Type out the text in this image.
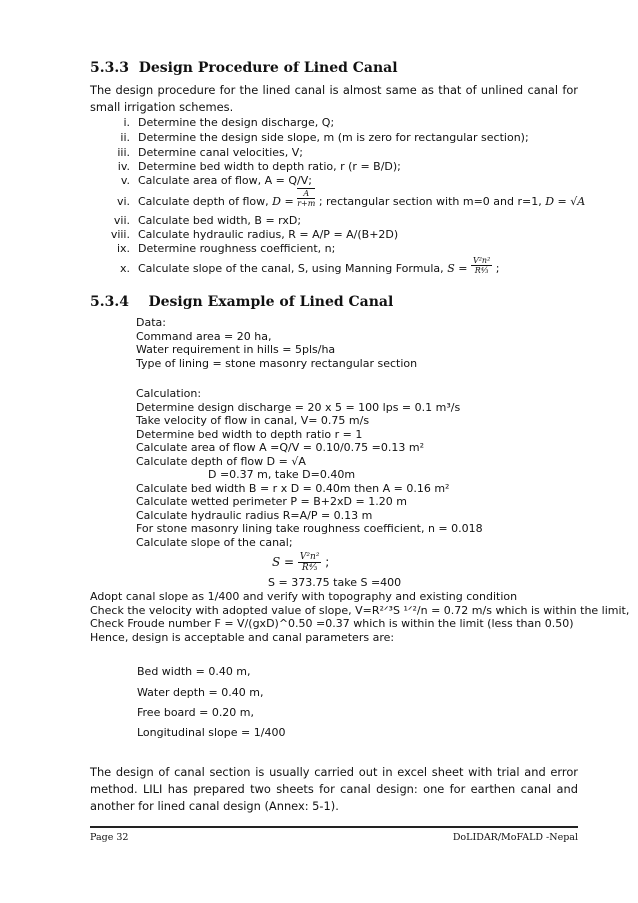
5.3.3 Design Procedure of Lined Canal
The design procedure for the lined canal is almost same as that of unlined canal for small irrigation schemes.
i. Determine the design discharge, Q;
ii. Determine the design side slope, m (m is zero for rectangular section);
iii. Determine canal velocities, V;
iv. Determine bed width to depth ratio, r (r = B/D);
v. Calculate area of flow, A = Q/V;
vi. Calculate depth of flow, $D = \frac{A}{r+m}$ ; rectangular section with m=0 and r=1, D = √A
vii. Calculate bed width, B = rxD;
viii. Calculate hydraulic radius, R = A/P = A/(B+2D)
ix. Determine roughness coefficient, n;
x. Calculate slope of the canal, S, using Manning Formula, $S = \frac{\text{V²n²}}{\text{R⁴⁄₃}}$ ;
5.3.4 Design Example of Lined Canal
Data:
Command area = 20 ha,
Water requirement in hills = 5pls/ha
Type of lining = stone masonry rectangular section
Calculation:
Determine design discharge = 20 x 5 = 100 lps = 0.1 m³/s
Take velocity of flow in canal, V= 0.75 m/s
Determine bed width to depth ratio r = 1
Calculate area of flow A =Q/V = 0.10/0.75 =0.13 m²
Calculate depth of flow D = √A
D =0.37 m, take D=0.40m
Calculate bed width B = r x D = 0.40m then A = 0.16 m²
Calculate wetted perimeter P = B+2xD = 1.20 m
Calculate hydraulic radius R=A/P = 0.13 m
For stone masonry lining take roughness coefficient, n = 0.018
Calculate slope of the canal;
$S = \frac{\text{V²n²}}{\text{R⁴⁄₃}}$ ;
S = 373.75 take S =400
Adopt canal slope as 1/400 and verify with topography and existing condition
Check the velocity with adopted value of slope, V=R²ᐟ³S ¹ᐟ²/n = 0.72 m/s which is within the limit,
Check Froude number F = V/(gxD)^0.50 =0.37 which is within the limit (less than 0.50)
Hence, design is acceptable and canal parameters are:
Bed width = 0.40 m,
Water depth = 0.40 m,
Free board = 0.20 m,
Longitudinal slope = 1/400
The design of canal section is usually carried out in excel sheet with trial and error method. LILI has prepared two sheets for canal design: one for earthen canal and another for lined canal design (Annex: 5-1).
Page 32	DoLIDAR/MoFALD -Nepal
